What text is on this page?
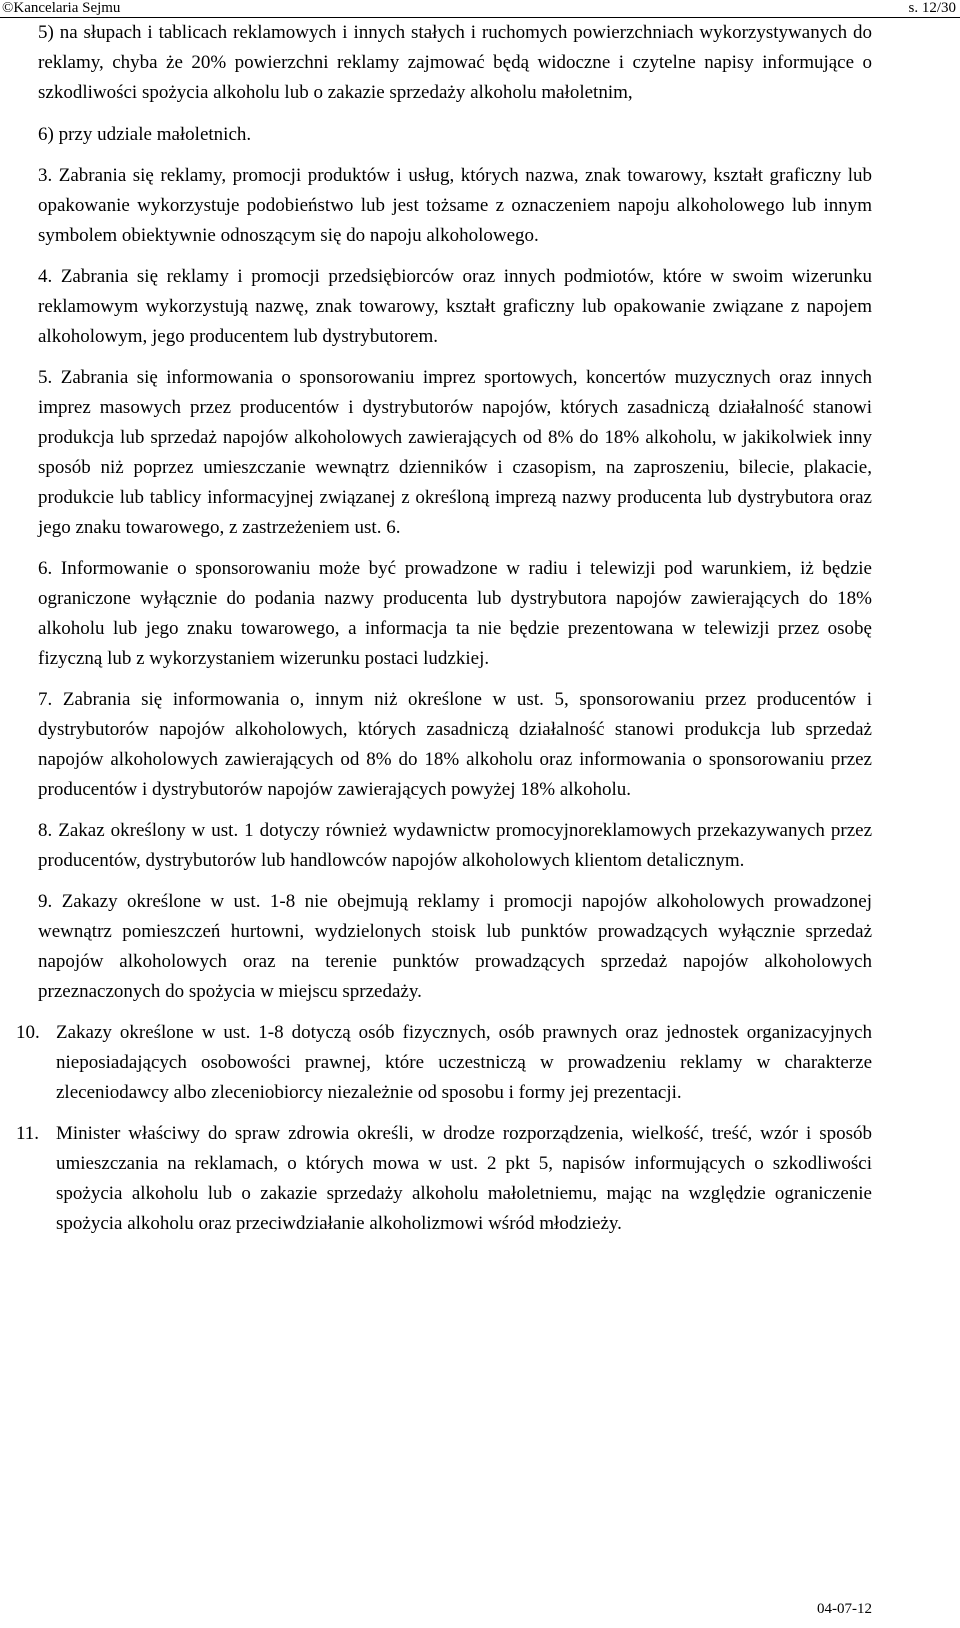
©Kancelaria Sejmu	s. 12/30

5) na słupach i tablicach reklamowych i innych stałych i ruchomych powierzchniach wykorzystywanych do reklamy, chyba że 20% powierzchni reklamy zajmować będą widoczne i czytelne napisy informujące o szkodliwości spożycia alkoholu lub o zakazie sprzedaży alkoholu małoletnim,

6) przy udziale małoletnich.

3. Zabrania się reklamy, promocji produktów i usług, których nazwa, znak towarowy, kształt graficzny lub opakowanie wykorzystuje podobieństwo lub jest tożsame z oznaczeniem napoju alkoholowego lub innym symbolem obiektywnie odnoszącym się do napoju alkoholowego.

4. Zabrania się reklamy i promocji przedsiębiorców oraz innych podmiotów, które w swoim wizerunku reklamowym wykorzystują nazwę, znak towarowy, kształt graficzny lub opakowanie związane z napojem alkoholowym, jego producentem lub dystrybutorem.

5. Zabrania się informowania o sponsorowaniu imprez sportowych, koncertów muzycznych oraz innych imprez masowych przez producentów i dystrybutorów napojów, których zasadniczą działalność stanowi produkcja lub sprzedaż napojów alkoholowych zawierających od 8% do 18% alkoholu, w jakikolwiek inny sposób niż poprzez umieszczanie wewnątrz dzienników i czasopism, na zaproszeniu, bilecie, plakacie, produkcie lub tablicy informacyjnej związanej z określoną imprezą nazwy producenta lub dystrybutora oraz jego znaku towarowego, z zastrzeżeniem ust. 6.

6. Informowanie o sponsorowaniu może być prowadzone w radiu i telewizji pod warunkiem, iż będzie ograniczone wyłącznie do podania nazwy producenta lub dystrybutora napojów zawierających do 18% alkoholu lub jego znaku towarowego, a informacja ta nie będzie prezentowana w telewizji przez osobę fizyczną lub z wykorzystaniem wizerunku postaci ludzkiej.

7. Zabrania się informowania o, innym niż określone w ust. 5, sponsorowaniu przez producentów i dystrybutorów napojów alkoholowych, których zasadniczą działalność stanowi produkcja lub sprzedaż napojów alkoholowych zawierających od 8% do 18% alkoholu oraz informowania o sponsorowaniu przez producentów i dystrybutorów napojów zawierających powyżej 18% alkoholu.

8. Zakaz określony w ust. 1 dotyczy również wydawnictw promocyjnoreklamowych przekazywanych przez producentów, dystrybutorów lub handlowców napojów alkoholowych klientom detalicznym.

9. Zakazy określone w ust. 1-8 nie obejmują reklamy i promocji napojów alkoholowych prowadzonej wewnątrz pomieszczeń hurtowni, wydzielonych stoisk lub punktów prowadzących wyłącznie sprzedaż napojów alkoholowych oraz na terenie punktów prowadzących sprzedaż napojów alkoholowych przeznaczonych do spożycia w miejscu sprzedaży.

10. Zakazy określone w ust. 1-8 dotyczą osób fizycznych, osób prawnych oraz jednostek organizacyjnych nieposiadających osobowości prawnej, które uczestniczą w prowadzeniu reklamy w charakterze zleceniodawcy albo zleceniobiorcy niezależnie od sposobu i formy jej prezentacji.

11. Minister właściwy do spraw zdrowia określi, w drodze rozporządzenia, wielkość, treść, wzór i sposób umieszczania na reklamach, o których mowa w ust. 2 pkt 5, napisów informujących o szkodliwości spożycia alkoholu lub o zakazie sprzedaży alkoholu małoletniemu, mając na względzie ograniczenie spożycia alkoholu oraz przeciwdziałanie alkoholizmowi wśród młodzieży.

04-07-12
